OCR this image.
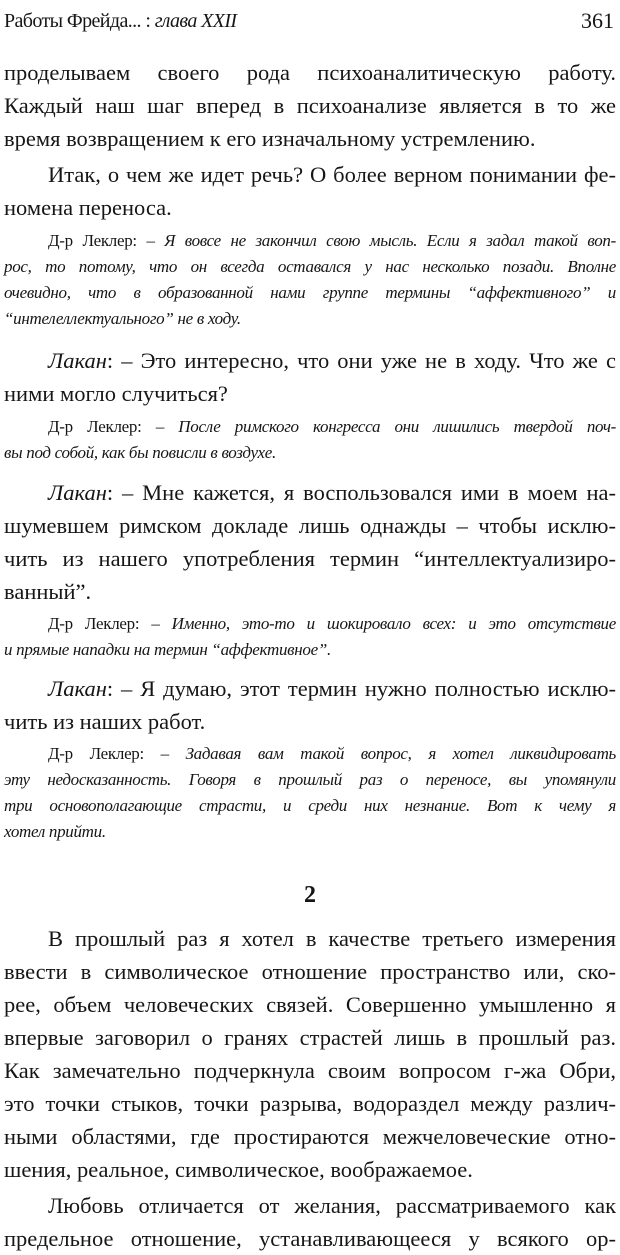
Работы Фрейда... : глава XXII	361
проделываем своего рода психоаналитическую работу.
Каждый наш шаг вперед в психоанализе является в то же
время возвращением к его изначальному устремлению.
Итак, о чем же идет речь? О более верном понимании фе-
номена переноса.
Д-р Леклер: – Я вовсе не закончил свою мысль. Если я задал такой воп-
рос, то потому, что он всегда оставался у нас несколько позади. Вполне
очевидно, что в образованной нами группе термины “аффективного” и
“интелеллектуального” не в ходу.
Лакан: – Это интересно, что они уже не в ходу. Что же с
ними могло случиться?
Д-р Леклер: – После римского конгресса они лишились твердой поч-
вы под собой, как бы повисли в воздухе.
Лакан: – Мне кажется, я воспользовался ими в моем на-
шумевшем римском докладе лишь однажды – чтобы исклю-
чить из нашего употребления термин “интеллектуализиро-
ванный”.
Д-р Леклер: – Именно, это-то и шокировало всех: и это отсутствие
и прямые нападки на термин “аффективное”.
Лакан: – Я думаю, этот термин нужно полностью исклю-
чить из наших работ.
Д-р Леклер: – Задавая вам такой вопрос, я хотел ликвидировать
эту недосказанность. Говоря в прошлый раз о переносе, вы упомянули
три основополагающие страсти, и среди них незнание. Вот к чему я
хотел прийти.
2
В прошлый раз я хотел в качестве третьего измерения
ввести в символическое отношение пространство или, ско-
рее, объем человеческих связей. Совершенно умышленно я
впервые заговорил о гранях страстей лишь в прошлый раз.
Как замечательно подчеркнула своим вопросом г-жа Обри,
это точки стыков, точки разрыва, водораздел между различ-
ными областями, где простираются межчеловеческие отно-
шения, реальное, символическое, воображаемое.
Любовь отличается от желания, рассматриваемого как
предельное отношение, устанавливающееся у всякого ор-
